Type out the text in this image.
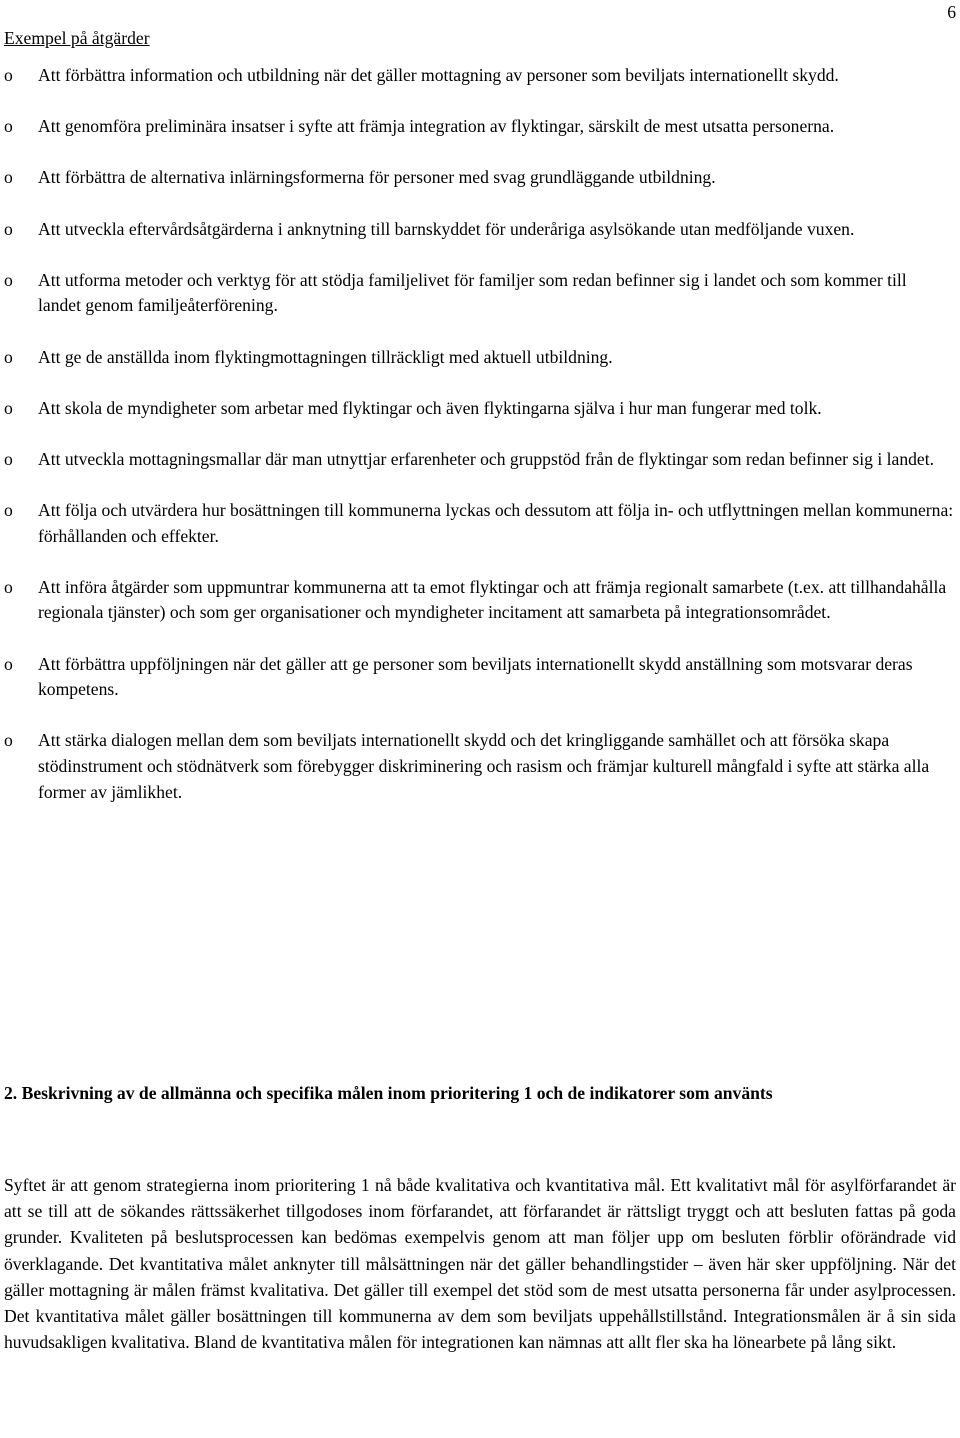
6
Exempel på åtgärder
o Att förbättra information och utbildning när det gäller mottagning av personer som beviljats internationellt skydd.
o Att genomföra preliminära insatser i syfte att främja integration av flyktingar, särskilt de mest utsatta personerna.
o Att förbättra de alternativa inlärningsformerna för personer med svag grundläggande utbildning.
o Att utveckla eftervårdsåtgärderna i anknytning till barnskyddet för underåriga asylsökande utan medföljande vuxen.
o Att utforma metoder och verktyg för att stödja familjelivet för familjer som redan befinner sig i landet och som kommer till landet genom familjeåterförening.
o Att ge de anställda inom flyktingmottagningen tillräckligt med aktuell utbildning.
o Att skola de myndigheter som arbetar med flyktingar och även flyktingarna själva i hur man fungerar med tolk.
o Att utveckla mottagningsmallar där man utnyttjar erfarenheter och gruppstöd från de flyktingar som redan befinner sig i landet.
o Att följa och utvärdera hur bosättningen till kommunerna lyckas och dessutom att följa in- och utflyttningen mellan kommunerna: förhållanden och effekter.
o Att införa åtgärder som uppmuntrar kommunerna att ta emot flyktingar och att främja regionalt samarbete (t.ex. att tillhandahålla regionala tjänster) och som ger organisationer och myndigheter incitament att samarbeta på integrationsområdet.
o Att förbättra uppföljningen när det gäller att ge personer som beviljats internationellt skydd anställning som motsvarar deras kompetens.
o Att stärka dialogen mellan dem som beviljats internationellt skydd och det kringliggande samhället och att försöka skapa stödinstrument och stödnätverk som förebygger diskriminering och rasism och främjar kulturell mångfald i syfte att stärka alla former av jämlikhet.
2. Beskrivning av de allmänna och specifika målen inom prioritering 1 och de indikatorer som använts

Syftet är att genom strategierna inom prioritering 1 nå både kvalitativa och kvantitativa mål. Ett kvalitativt mål för asylförfarandet är att se till att de sökandes rättssäkerhet tillgodoses inom förfarandet, att förfarandet är rättsligt tryggt och att besluten fattas på goda grunder. Kvaliteten på beslutsprocessen kan bedömas exempelvis genom att man följer upp om besluten förblir oförändrade vid överklagande. Det kvantitativa målet anknyter till målsättningen när det gäller behandlingstider – även här sker uppföljning. När det gäller mottagning är målen främst kvalitativa. Det gäller till exempel det stöd som de mest utsatta personerna får under asylprocessen. Det kvantitativa målet gäller bosättningen till kommunerna av dem som beviljats uppehållstillstånd. Integrationsmålen är å sin sida huvudsakligen kvalitativa. Bland de kvantitativa målen för integrationen kan nämnas att allt fler ska ha lönearbete på lång sikt.
